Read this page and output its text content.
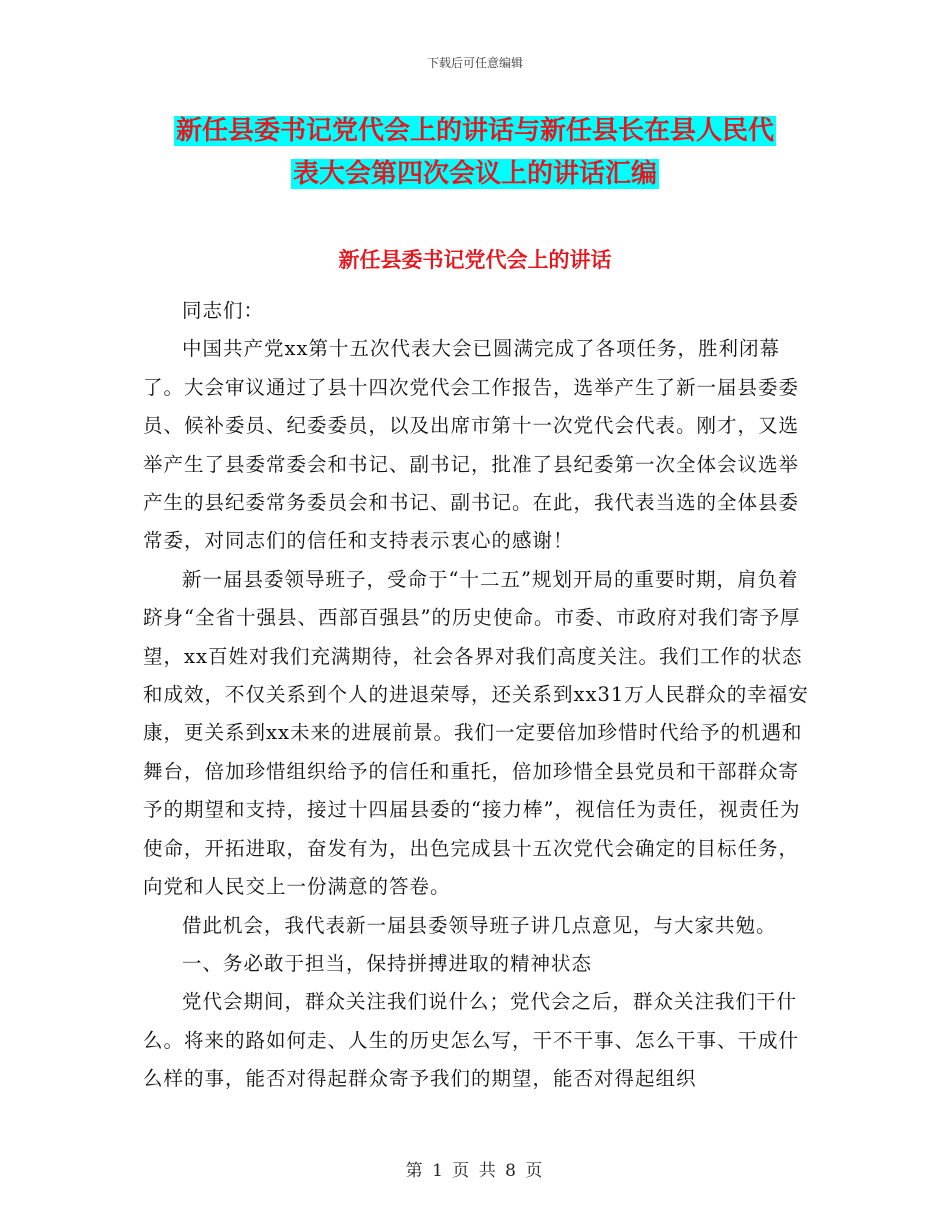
下载后可任意编辑
新任县委书记党代会上的讲话与新任县长在县人民代
表大会第四次会议上的讲话汇编
新任县委书记党代会上的讲话

同志们：

中国共产党xx第十五次代表大会已圆满完成了各项任务，胜利闭幕了。大会审议通过了县十四次党代会工作报告，选举产生了新一届县委委员、候补委员、纪委委员，以及出席市第十一次党代会代表。刚才，又选举产生了县委常委会和书记、副书记，批准了县纪委第一次全体会议选举产生的县纪委常务委员会和书记、副书记。在此，我代表当选的全体县委常委，对同志们的信任和支持表示衷心的感谢！

新一届县委领导班子，受命于“十二五”规划开局的重要时期，肩负着跻身“全省十强县、西部百强县”的历史使命。市委、市政府对我们寄予厚望，xx百姓对我们充满期待，社会各界对我们高度关注。我们工作的状态和成效，不仅关系到个人的进退荣辱，还关系到xx31万人民群众的幸福安康，更关系到xx未来的进展前景。我们一定要倍加珍惜时代给予的机遇和舞台，倍加珍惜组织给予的信任和重托，倍加珍惜全县党员和干部群众寄予的期望和支持，接过十四届县委的“接力棒”，视信任为责任，视责任为使命，开拓进取，奋发有为，出色完成县十五次党代会确定的目标任务，向党和人民交上一份满意的答卷。

借此机会，我代表新一届县委领导班子讲几点意见，与大家共勉。

一、务必敢于担当，保持拼搏进取的精神状态

党代会期间，群众关注我们说什么；党代会之后，群众关注我们干什么。将来的路如何走、人生的历史怎么写，干不干事、怎么干事、干成什么样的事，能否对得起群众寄予我们的期望，能否对得起组织

第 1 页 共 8 页
